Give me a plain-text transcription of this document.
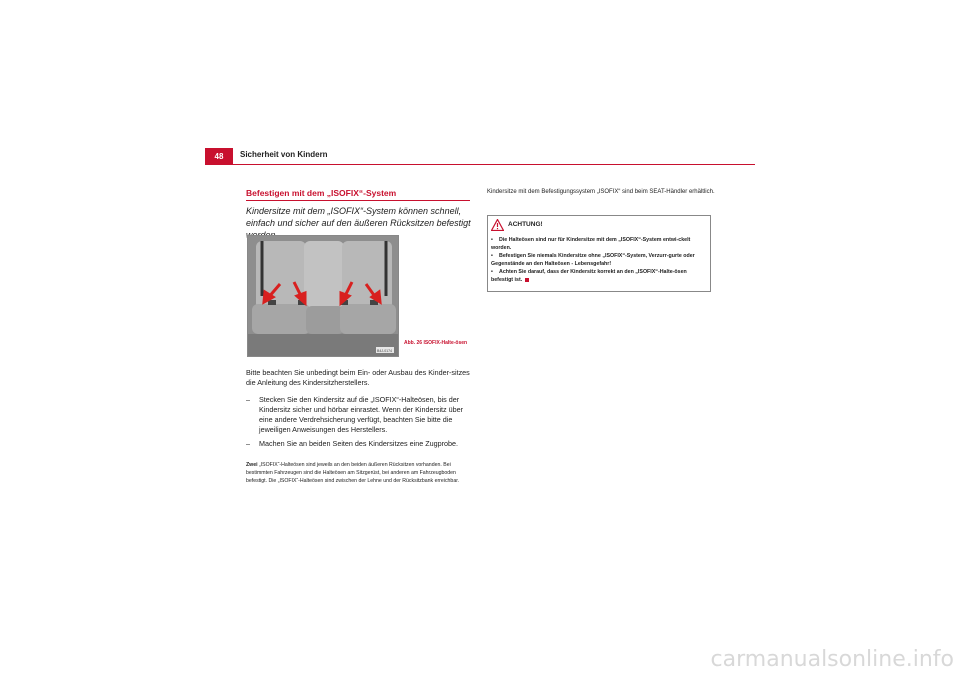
48	Sicherheit von Kindern
Befestigen mit dem „ISOFIX“-System
Kindersitze mit dem „ISOFIX“-System können schnell, einfach und sicher auf den äußeren Rücksitzen befestigt
B4J-0174
Abb. 26 ISOFIX-Halte-ösen
Bitte beachten Sie unbedingt beim Ein- oder Ausbau des Kinder-sitzes die Anleitung des Kindersitzherstellers.
– Stecken Sie den Kindersitz auf die „ISOFIX“-Halteösen, bis der Kindersitz sicher und hörbar einrastet. Wenn der Kindersitz über eine andere Verdrehsicherung verfügt, beachten Sie bitte die jeweiligen Anweisungen des Herstellers.
– Machen Sie an beiden Seiten des Kindersitzes eine Zugprobe.
Zwei „ISOFIX“-Halteösen sind jeweils an den beiden äußeren Rücksitzen vorhanden. Bei bestimmten Fahrzeugen sind die Halteösen am Sitzgerüst, bei anderen am Fahrzeugboden befestigt. Die „ISOFIX“-Halteösen sind zwischen der Lehne und der Rücksitzbank erreichbar.
Kindersitze mit dem Befestigungssystem „ISOFIX“ sind beim SEAT-Händler erhältlich.
ACHTUNG!
• Die Halteösen sind nur für Kindersitze mit dem „ISOFIX“-System entwi-ckelt worden.
• Befestigen Sie niemals Kindersitze ohne „ISOFIX“-System, Verzurr-gurte oder Gegenstände an den Halteösen - Lebensgefahr!
• Achten Sie darauf, dass der Kindersitz korrekt an den „ISOFIX“-Halte-ösen befestigt ist.
carmanualsonline.info
